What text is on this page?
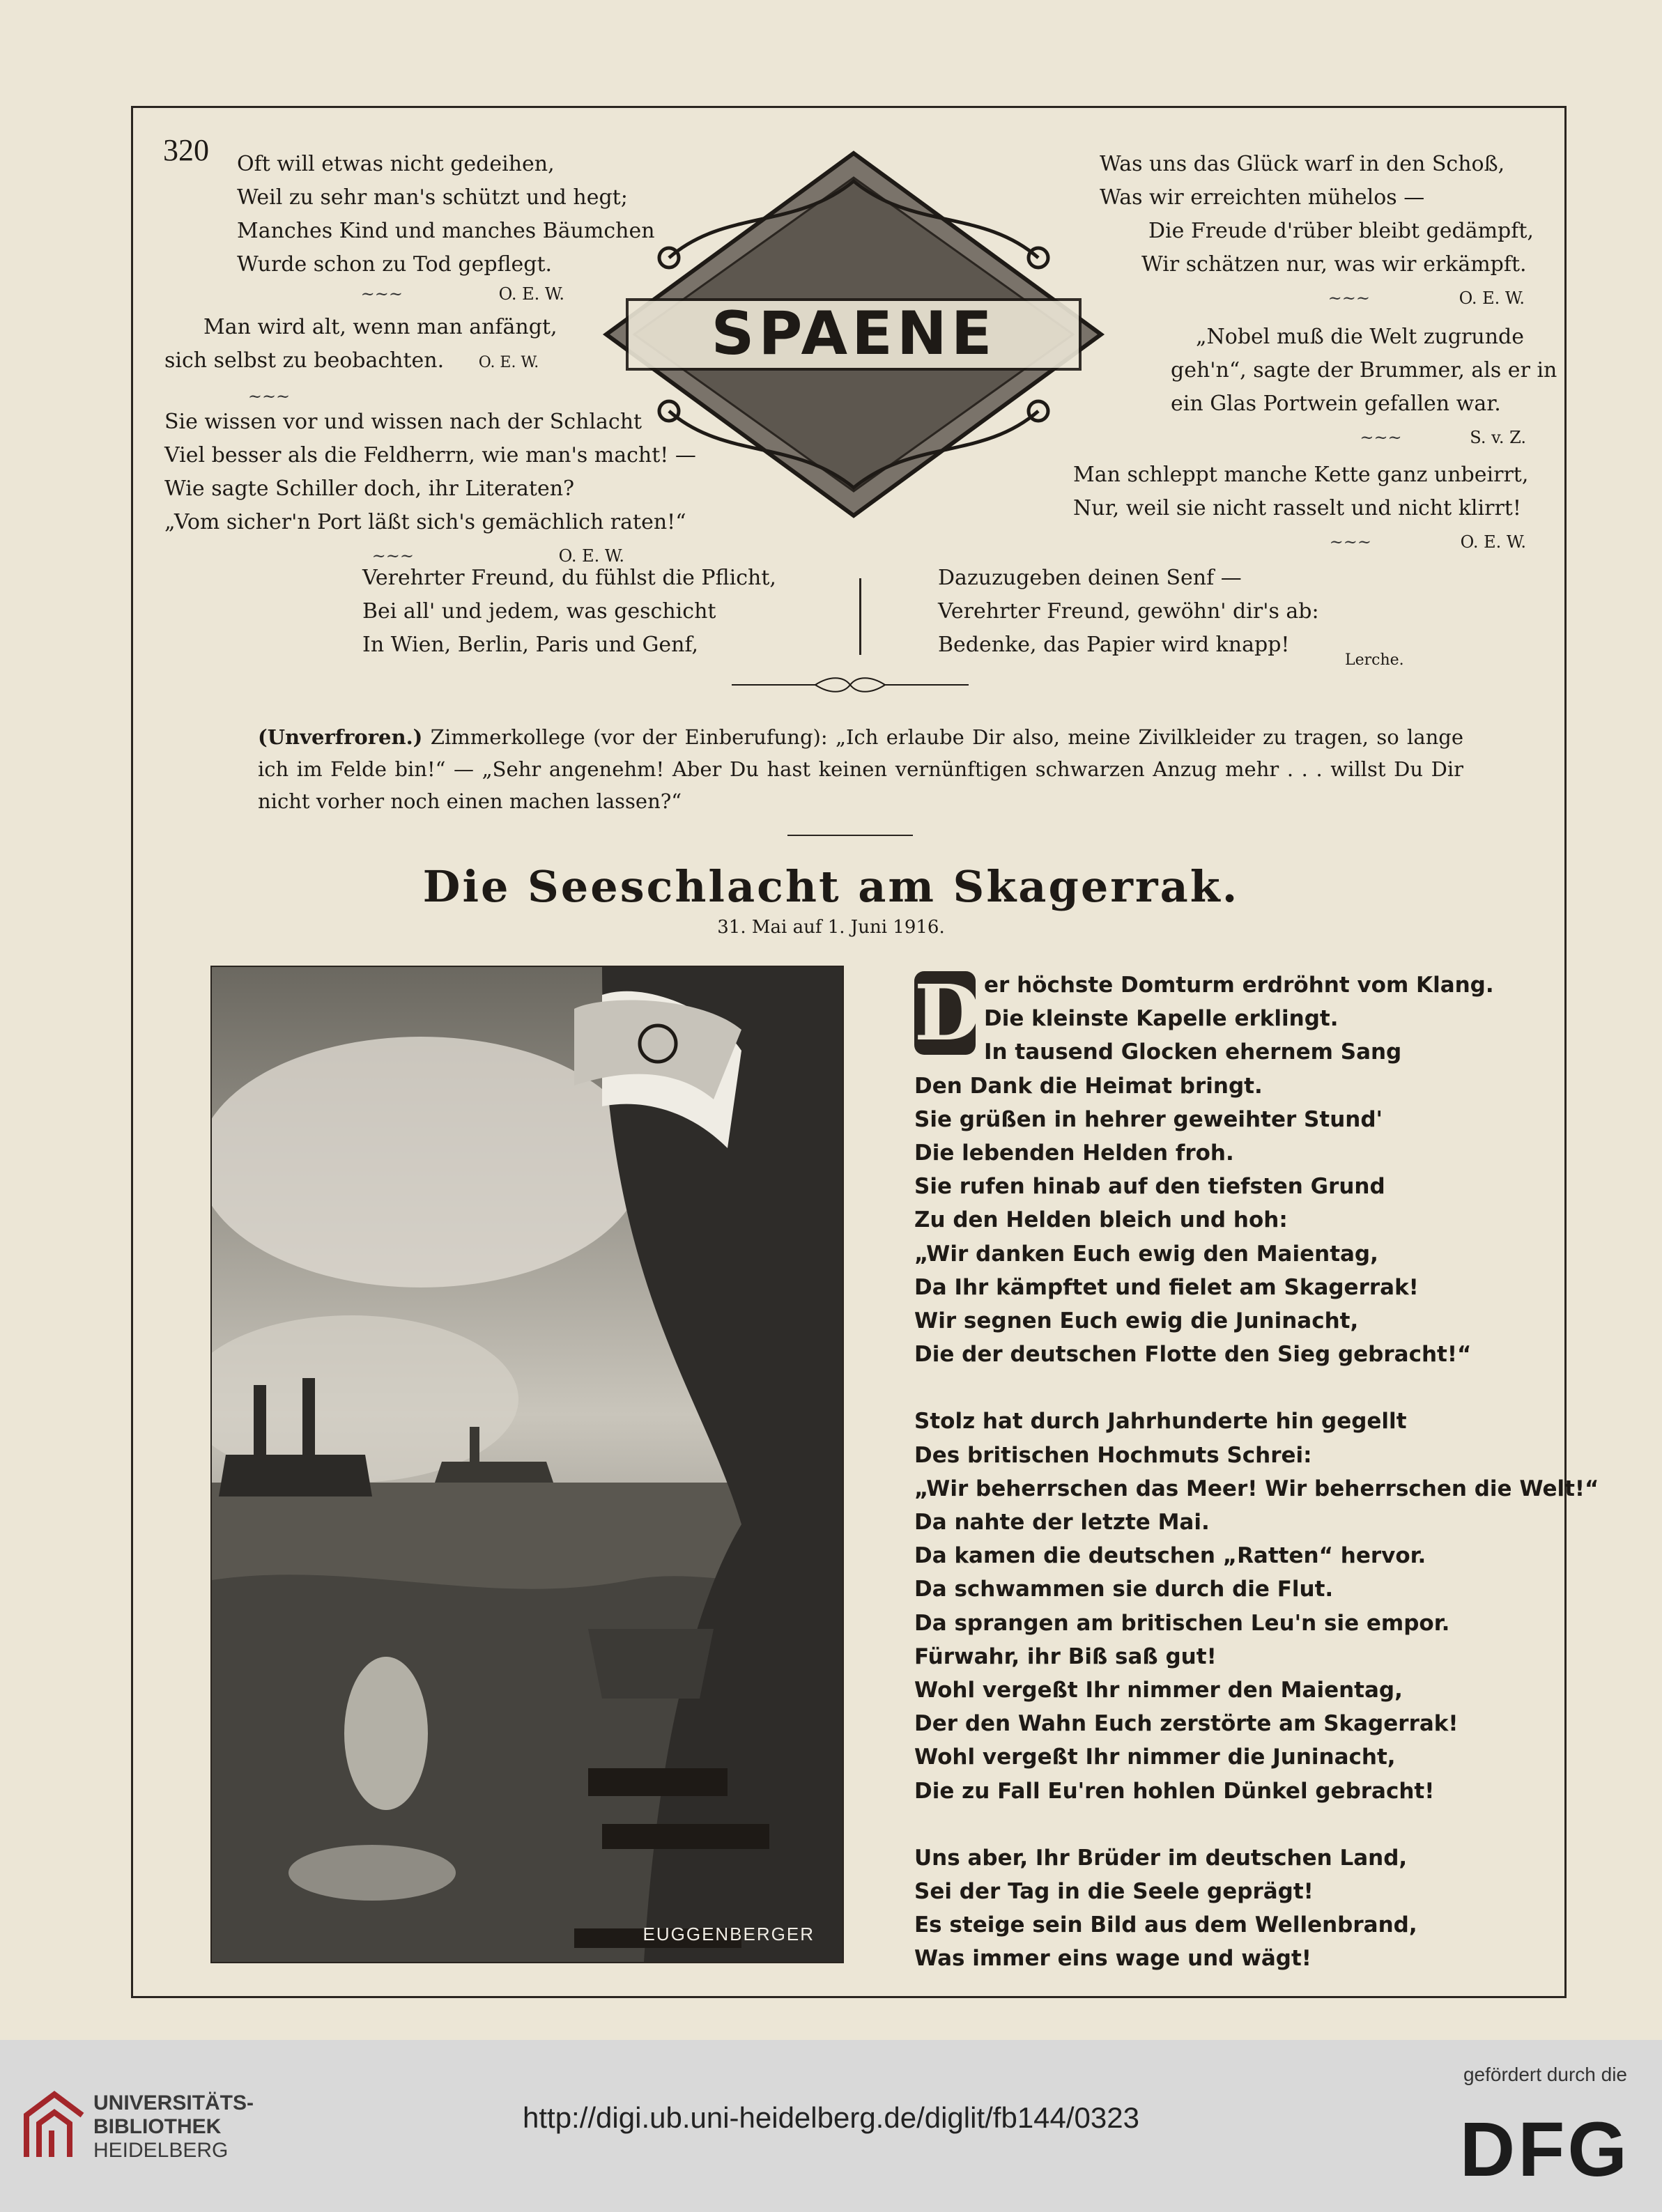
320 Oft will etwas nicht gedeihen,
Weil zu sehr man's schützt und hegt;
Manches Kind und manches Bäumchen
Wurde schon zu Tod gepflegt.
~~~	O. E. W.
Man wird alt, wenn man anfängt,
sich selbst zu beobachten. O. E. W.
~~~
Sie wissen vor und wissen nach der Schlacht
Viel besser als die Feldherrn, wie man's macht! —
Wie sagte Schiller doch, ihr Literaten?
„Vom sicher'n Port läßt sich's gemächlich raten!“
~~~	O. E. W.
SPAENE
Was uns das Glück warf in den Schoß,
Was wir erreichten mühelos —
Die Freude d'rüber bleibt gedämpft,
Wir schätzen nur, was wir erkämpft.
~~~	O. E. W.
„Nobel muß die Welt zugrunde
geh'n“, sagte der Brummer, als er in
ein Glas Portwein gefallen war.
~~~	S. v. Z.
Man schleppt manche Kette ganz unbeirrt,
Nur, weil sie nicht rasselt und nicht klirrt!
~~~	O. E. W.
Verehrter Freund, du fühlst die Pflicht,
Bei all' und jedem, was geschicht
In Wien, Berlin, Paris und Genf,
Dazuzugeben deinen Senf —
Verehrter Freund, gewöhn' dir's ab:
Bedenke, das Papier wird knapp!
Lerche.
(Unverfroren.) Zimmerkollege (vor der Einberufung): „Ich erlaube Dir also, meine Zivilkleider zu tragen, so lange ich im Felde bin!“ — „Sehr angenehm! Aber Du hast keinen vernünftigen schwarzen Anzug mehr . . . willst Du Dir nicht vorher noch einen machen lassen?“
Die Seeschlacht am Skagerrak.
31. Mai auf 1. Juni 1916.
EUGGENBERGER
D er höchste Domturm erdröhnt vom Klang.
Die kleinste Kapelle erklingt.
In tausend Glocken ehernem Sang
Den Dank die Heimat bringt.
Sie grüßen in hehrer geweihter Stund'
Die lebenden Helden froh.
Sie rufen hinab auf den tiefsten Grund
Zu den Helden bleich und hoh:
„Wir danken Euch ewig den Maientag,
Da Ihr kämpftet und fielet am Skagerrak!
Wir segnen Euch ewig die Juninacht,
Die der deutschen Flotte den Sieg gebracht!“
Stolz hat durch Jahrhunderte hin gegellt
Des britischen Hochmuts Schrei:
„Wir beherrschen das Meer! Wir beherrschen die Welt!“
Da nahte der letzte Mai.
Da kamen die deutschen „Ratten“ hervor.
Da schwammen sie durch die Flut.
Da sprangen am britischen Leu'n sie empor.
Fürwahr, ihr Biß saß gut!
Wohl vergeßt Ihr nimmer den Maientag,
Der den Wahn Euch zerstörte am Skagerrak!
Wohl vergeßt Ihr nimmer die Juninacht,
Die zu Fall Eu'ren hohlen Dünkel gebracht!
Uns aber, Ihr Brüder im deutschen Land,
Sei der Tag in die Seele geprägt!
Es steige sein Bild aus dem Wellenbrand,
Was immer eins wage und wägt!
UNIVERSITÄTS-
BIBLIOTHEK
HEIDELBERG
http://digi.ub.uni-heidelberg.de/diglit/fb144/0323
gefördert durch die
DFG
